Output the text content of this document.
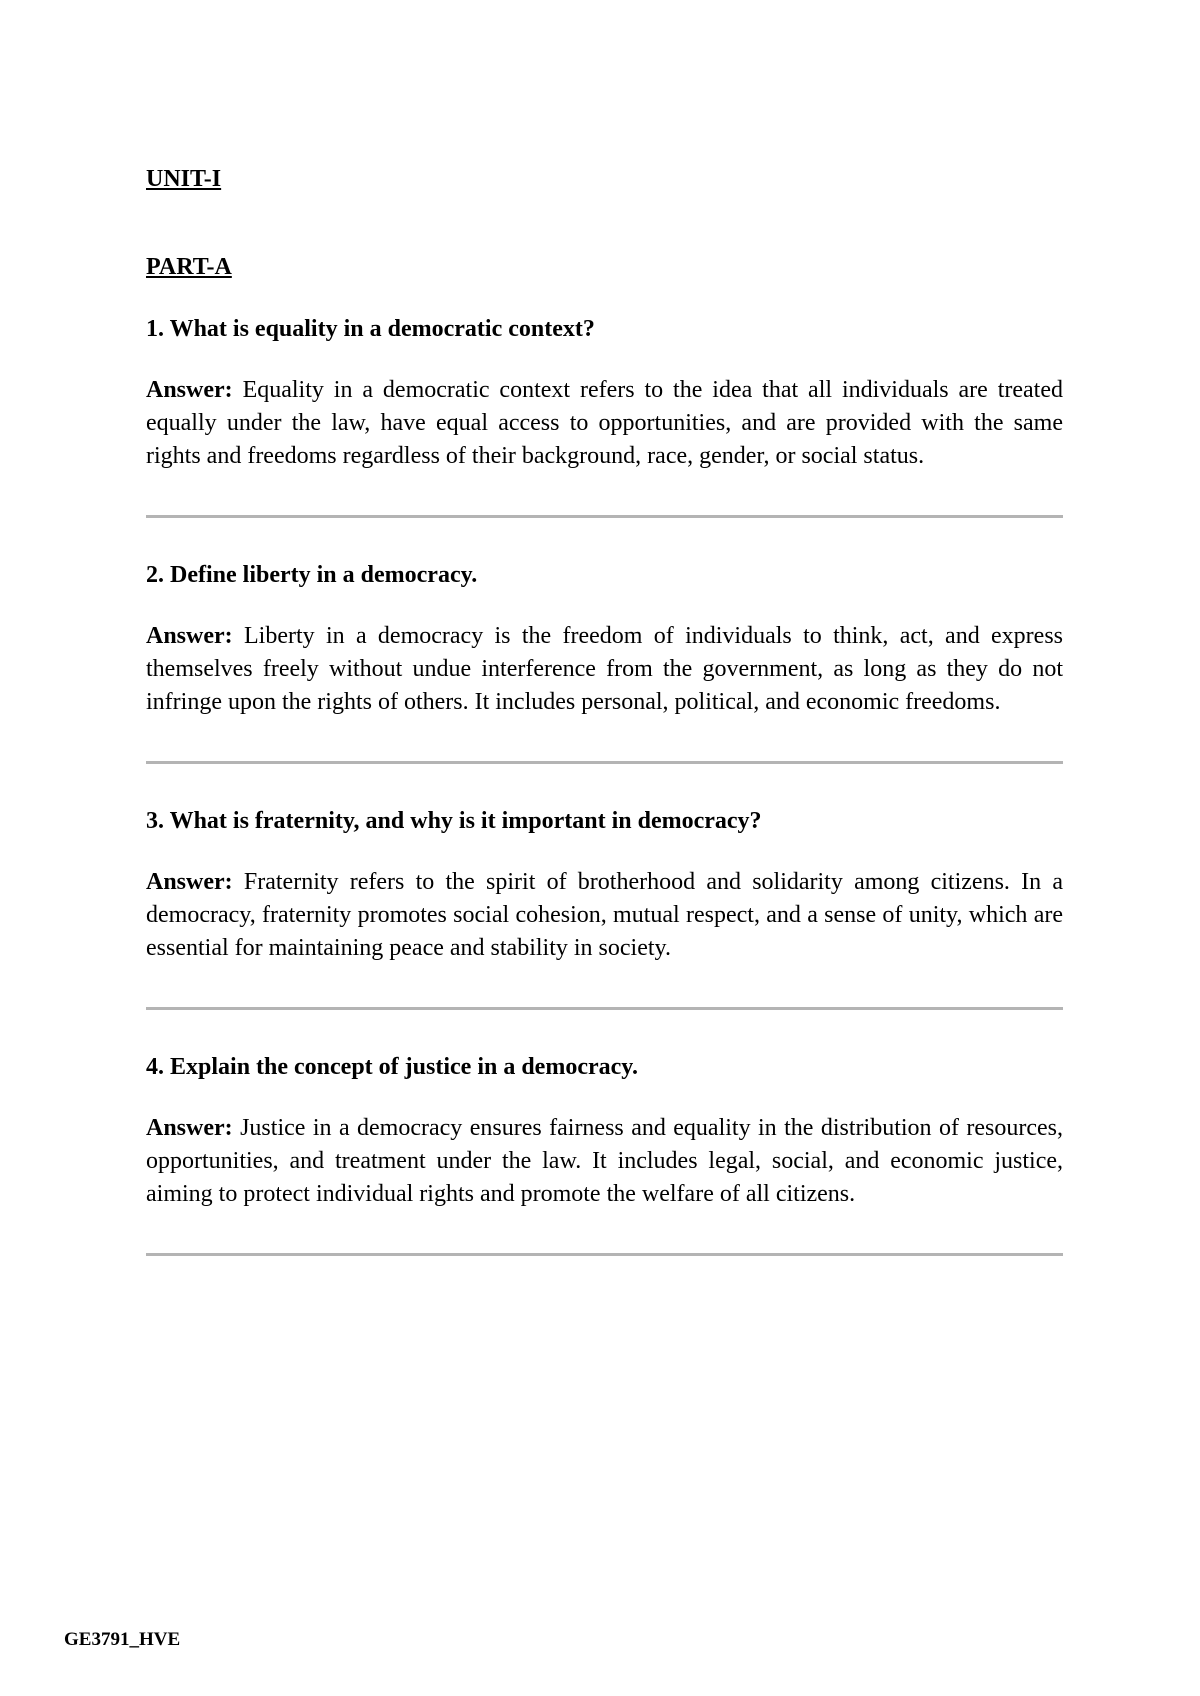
UNIT-I

PART-A

1. What is equality in a democratic context?

Answer: Equality in a democratic context refers to the idea that all individuals are treated equally under the law, have equal access to opportunities, and are provided with the same rights and freedoms regardless of their background, race, gender, or social status.

2. Define liberty in a democracy.

Answer: Liberty in a democracy is the freedom of individuals to think, act, and express themselves freely without undue interference from the government, as long as they do not infringe upon the rights of others. It includes personal, political, and economic freedoms.

3. What is fraternity, and why is it important in democracy?

Answer: Fraternity refers to the spirit of brotherhood and solidarity among citizens. In a democracy, fraternity promotes social cohesion, mutual respect, and a sense of unity, which are essential for maintaining peace and stability in society.

4. Explain the concept of justice in a democracy.

Answer: Justice in a democracy ensures fairness and equality in the distribution of resources, opportunities, and treatment under the law. It includes legal, social, and economic justice, aiming to protect individual rights and promote the welfare of all citizens.

GE3791_HVE
